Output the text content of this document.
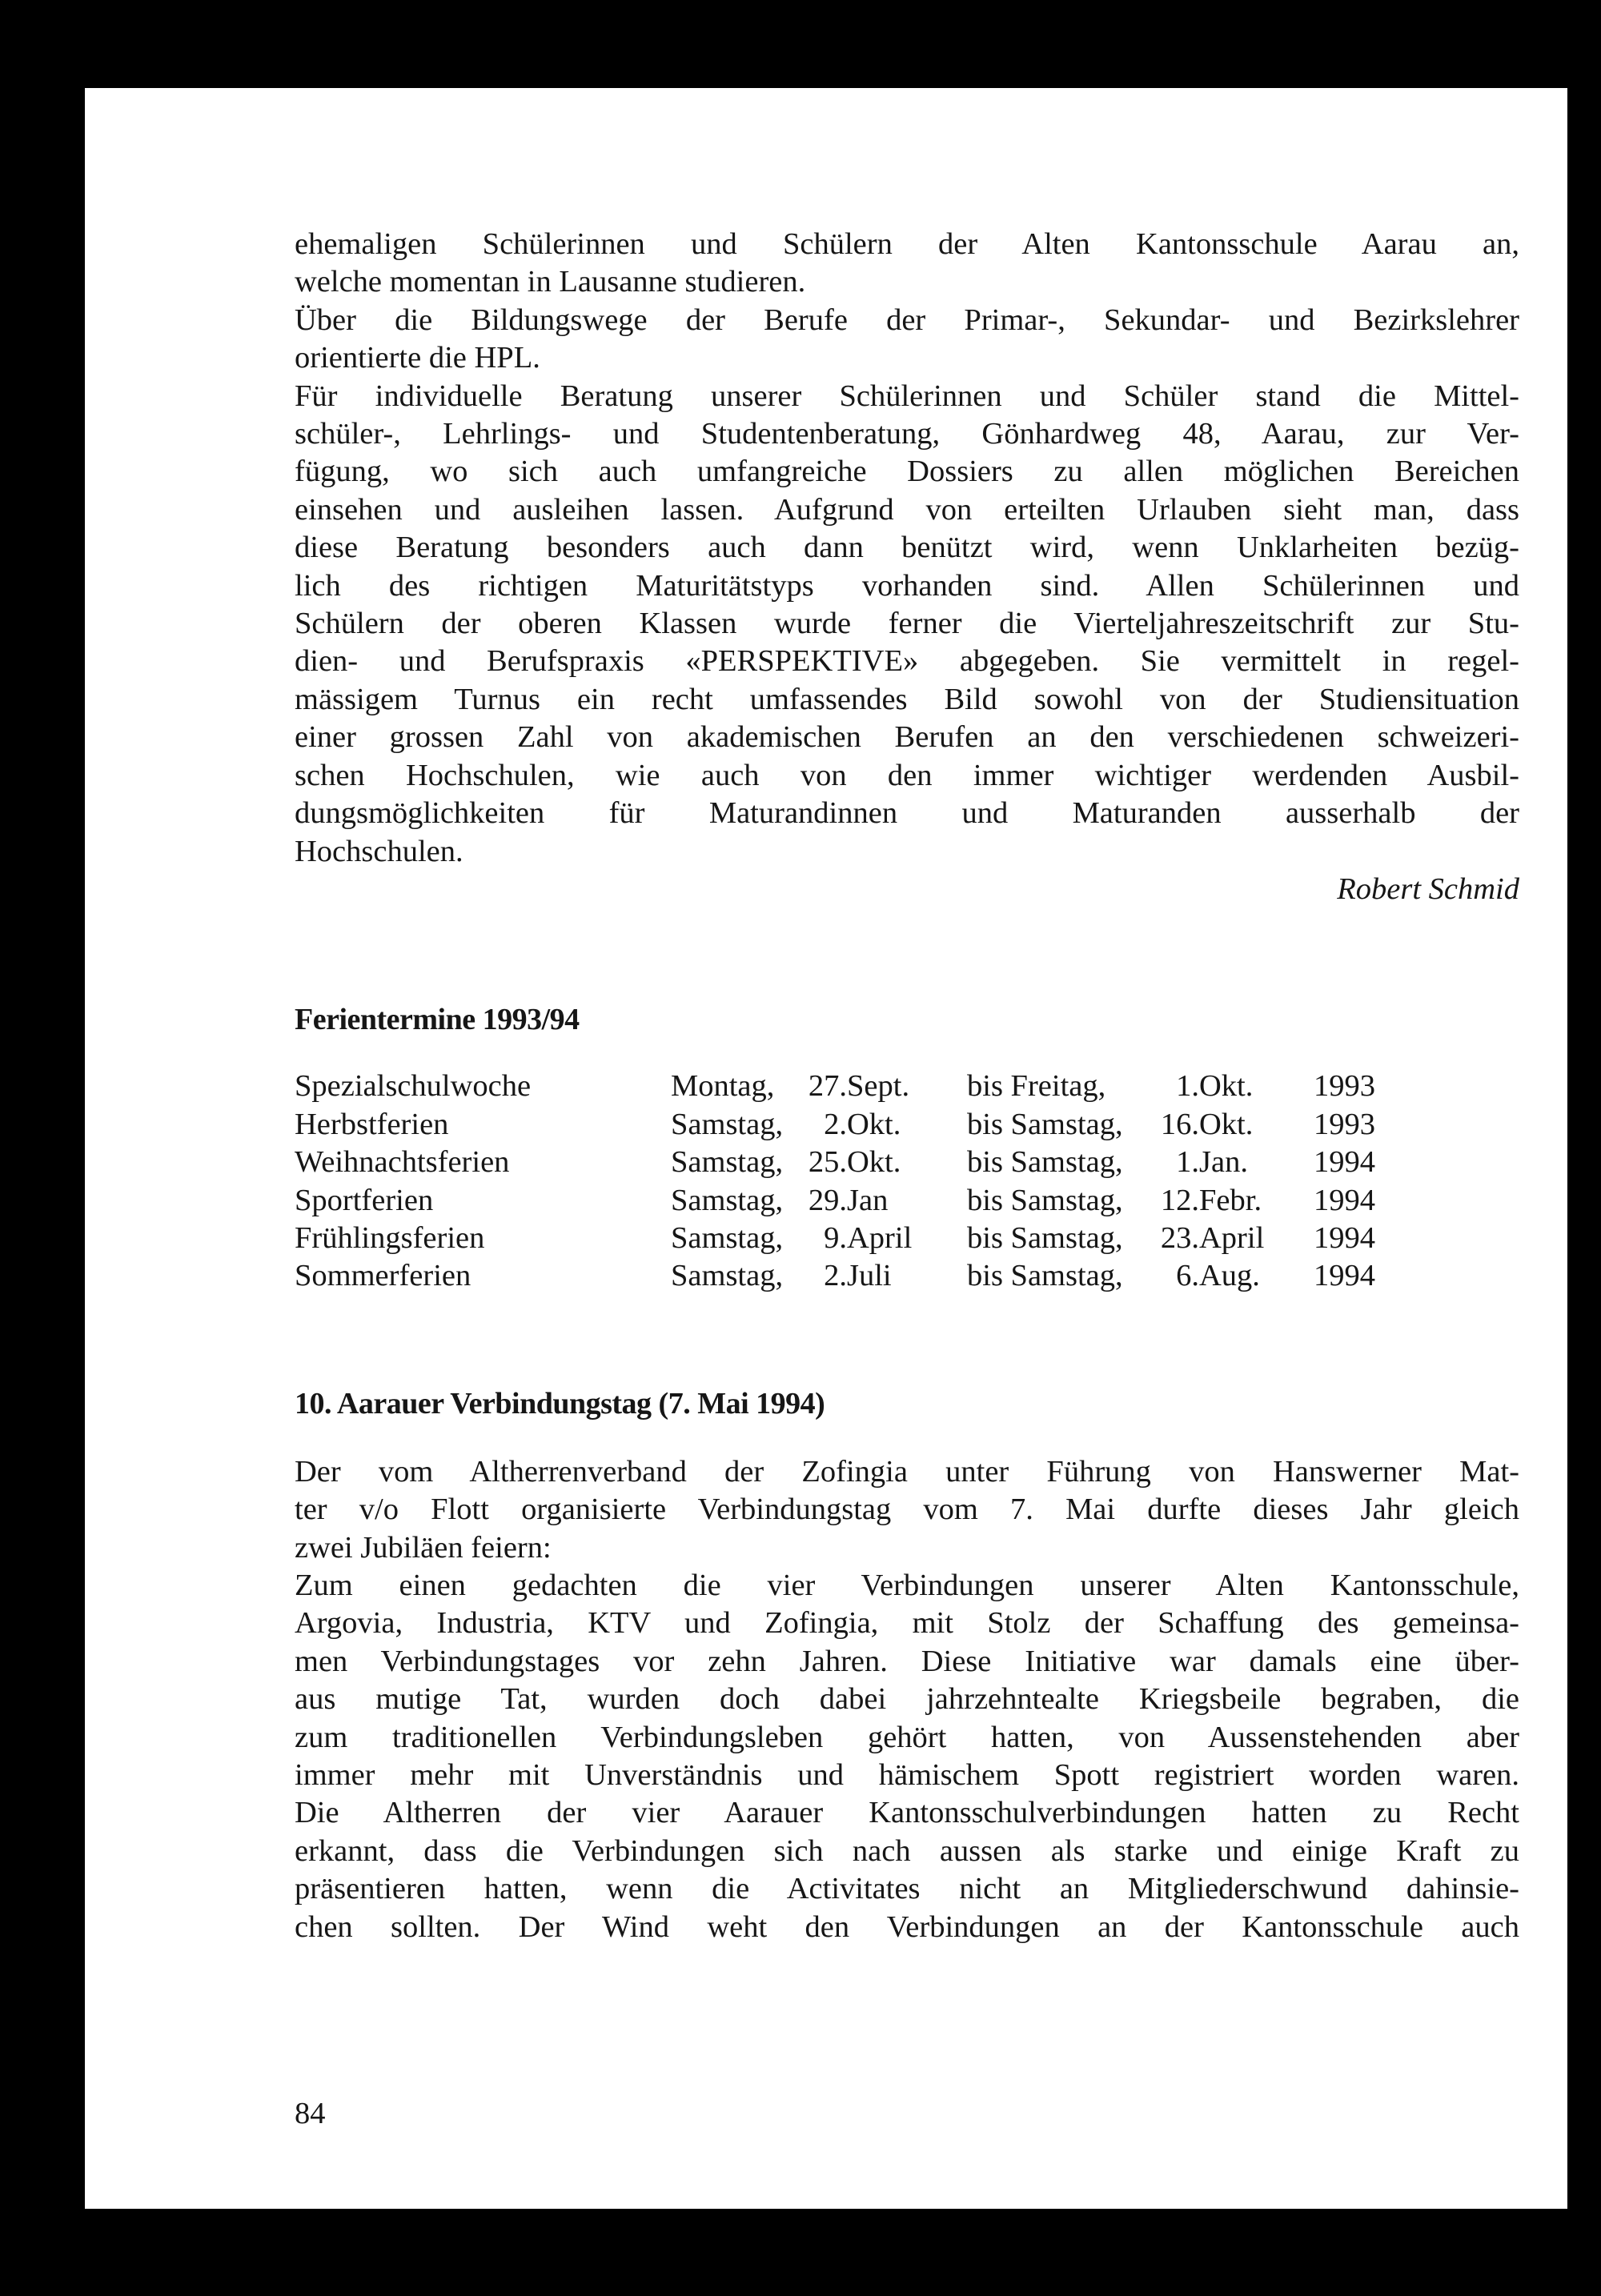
ehemaligen Schülerinnen und Schülern der Alten Kantonsschule Aarau an,
welche momentan in Lausanne studieren.
Über die Bildungswege der Berufe der Primar-, Sekundar- und Bezirkslehrer
orientierte die HPL.
Für individuelle Beratung unserer Schülerinnen und Schüler stand die Mittel-
schüler-, Lehrlings- und Studentenberatung, Gönhardweg 48, Aarau, zur Ver-
fügung, wo sich auch umfangreiche Dossiers zu allen möglichen Bereichen
einsehen und ausleihen lassen. Aufgrund von erteilten Urlauben sieht man, dass
diese Beratung besonders auch dann benützt wird, wenn Unklarheiten bezüg-
lich des richtigen Maturitätstyps vorhanden sind. Allen Schülerinnen und
Schülern der oberen Klassen wurde ferner die Vierteljahreszeitschrift zur Stu-
dien- und Berufspraxis «PERSPEKTIVE» abgegeben. Sie vermittelt in regel-
mässigem Turnus ein recht umfassendes Bild sowohl von der Studiensituation
einer grossen Zahl von akademischen Berufen an den verschiedenen schweizeri-
schen Hochschulen, wie auch von den immer wichtiger werdenden Ausbil-
dungsmöglichkeiten für Maturandinnen und Maturanden ausserhalb der
Hochschulen.

Robert Schmid

Ferientermine 1993/94
Spezialschulwoche	Montag,	27.	Sept.	bis Freitag,	1.	Okt.	1993
Herbstferien	Samstag,	2.	Okt.	bis Samstag,	16.	Okt.	1993
Weihnachtsferien	Samstag,	25.	Okt.	bis Samstag,	1.	Jan.	1994
Sportferien	Samstag,	29.	Jan	bis Samstag,	12.	Febr.	1994
Frühlingsferien	Samstag,	9.	April	bis Samstag,	23.	April	1994
Sommerferien	Samstag,	2.	Juli	bis Samstag,	6.	Aug.	1994
10. Aarauer Verbindungstag (7. Mai 1994)

Der vom Altherrenverband der Zofingia unter Führung von Hanswerner Mat-
ter v/o Flott organisierte Verbindungstag vom 7. Mai durfte dieses Jahr gleich
zwei Jubiläen feiern:
Zum einen gedachten die vier Verbindungen unserer Alten Kantonsschule,
Argovia, Industria, KTV und Zofingia, mit Stolz der Schaffung des gemeinsa-
men Verbindungstages vor zehn Jahren. Diese Initiative war damals eine über-
aus mutige Tat, wurden doch dabei jahrzehntealte Kriegsbeile begraben, die
zum traditionellen Verbindungsleben gehört hatten, von Aussenstehenden aber
immer mehr mit Unverständnis und hämischem Spott registriert worden waren.
Die Altherren der vier Aarauer Kantonsschulverbindungen hatten zu Recht
erkannt, dass die Verbindungen sich nach aussen als starke und einige Kraft zu
präsentieren hatten, wenn die Activitates nicht an Mitgliederschwund dahinsie-
chen sollten. Der Wind weht den Verbindungen an der Kantonsschule auch

84
